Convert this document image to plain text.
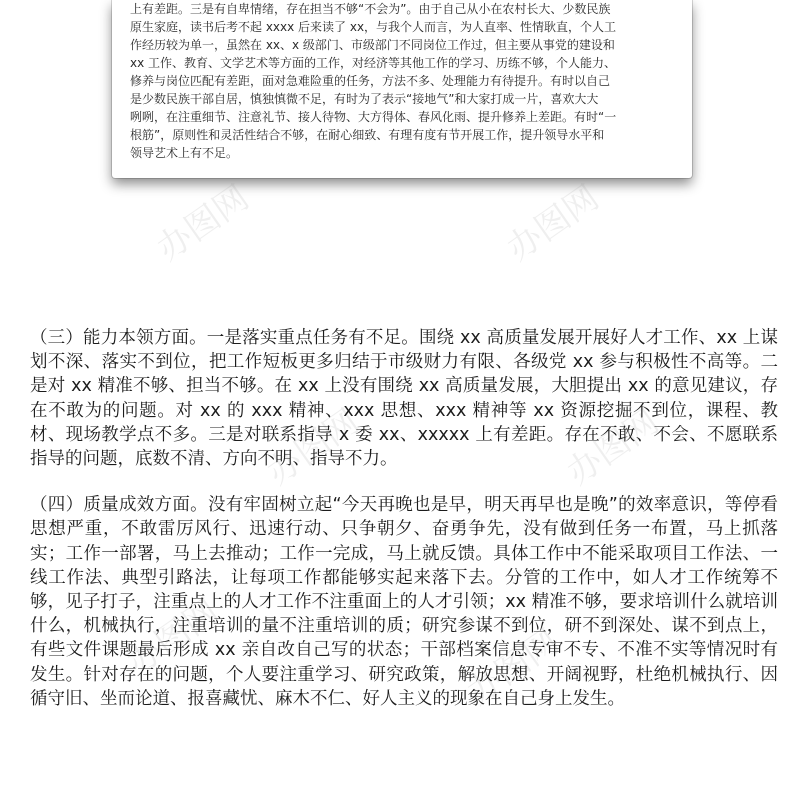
上有差距。三是有自卑情绪，存在担当不够“不会为”。由于自己从小在农村长大、少数民族

原生家庭，读书后考不起 xxxx 后来读了 xx，与我个人而言，为人直率、性情耿直，个人工

作经历较为单一，虽然在 xx、x 级部门、市级部门不同岗位工作过，但主要从事党的建设和

xx 工作、教育、文学艺术等方面的工作，对经济等其他工作的学习、历练不够，个人能力、

修养与岗位匹配有差距，面对急难险重的任务，方法不多、处理能力有待提升。有时以自己

是少数民族干部自居，慎独慎微不足，有时为了表示“接地气”和大家打成一片，喜欢大大

咧咧，在注重细节、注意礼节、接人待物、大方得体、春风化雨、提升修养上差距。有时“一

根筋”，原则性和灵活性结合不够，在耐心细致、有理有度有节开展工作，提升领导水平和

领导艺术上有不足。

办图网	办图网
办图网	办图网
办图网	办图网

（三）能力本领方面。一是落实重点任务有不足。围绕 xx 高质量发展开展好人才工作、xx 上谋划不深、落实不到位，把工作短板更多归结于市级财力有限、各级党 xx 参与积极性不高等。二是对 xx 精准不够、担当不够。在 xx 上没有围绕 xx 高质量发展，大胆提出 xx 的意见建议，存在不敢为的问题。对 xx 的 xxx 精神、xxx 思想、xxx 精神等 xx 资源挖掘不到位，课程、教材、现场教学点不多。三是对联系指导 x 委 xx、xxxxx 上有差距。存在不敢、不会、不愿联系指导的问题，底数不清、方向不明、指导不力。

（四）质量成效方面。没有牢固树立起“今天再晚也是早，明天再早也是晚”的效率意识，等停看思想严重，不敢雷厉风行、迅速行动、只争朝夕、奋勇争先，没有做到任务一布置，马上抓落实；工作一部署，马上去推动；工作一完成，马上就反馈。具体工作中不能采取项目工作法、一线工作法、典型引路法，让每项工作都能够实起来落下去。分管的工作中，如人才工作统筹不够，见子打子，注重点上的人才工作不注重面上的人才引领；xx 精准不够，要求培训什么就培训什么，机械执行，注重培训的量不注重培训的质；研究参谋不到位，研不到深处、谋不到点上，有些文件课题最后形成 xx 亲自改自己写的状态；干部档案信息专审不专、不准不实等情况时有发生。针对存在的问题，个人要注重学习、研究政策，解放思想、开阔视野，杜绝机械执行、因循守旧、坐而论道、报喜藏忧、麻木不仁、好人主义的现象在自己身上发生。
